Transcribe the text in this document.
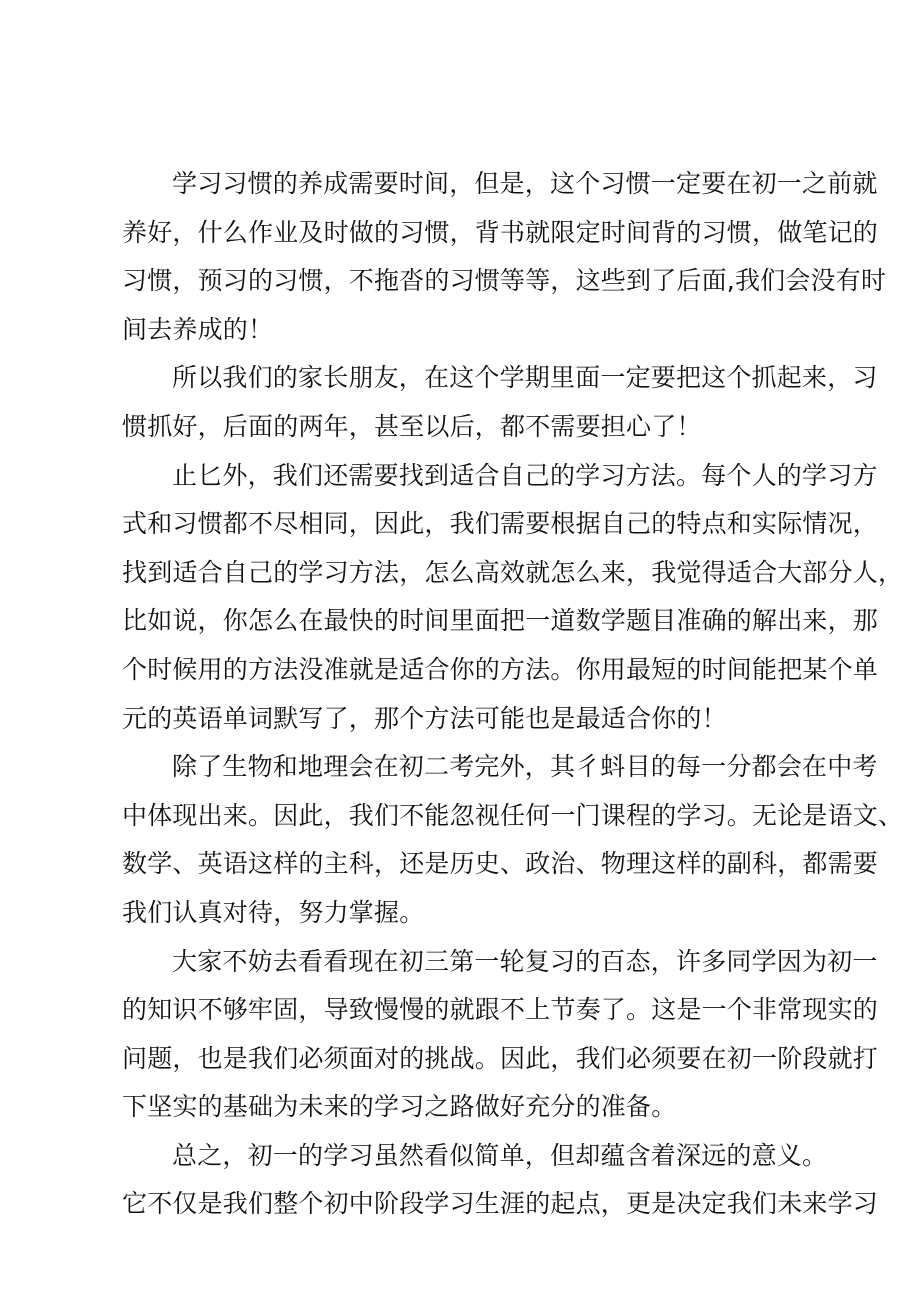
学习习惯的养成需要时间，但是，这个习惯一定要在初一之前就
养好，什么作业及时做的习惯，背书就限定时间背的习惯，做笔记的
习惯，预习的习惯，不拖沓的习惯等等，这些到了后面,我们会没有时
间去养成的！
所以我们的家长朋友，在这个学期里面一定要把这个抓起来，习
惯抓好，后面的两年，甚至以后，都不需要担心了！
止匕外，我们还需要找到适合自己的学习方法。每个人的学习方
式和习惯都不尽相同，因此，我们需要根据自己的特点和实际情况，
找到适合自己的学习方法，怎么高效就怎么来，我觉得适合大部分人，
比如说，你怎么在最快的时间里面把一道数学题目准确的解出来，那
个时候用的方法没准就是适合你的方法。你用最短的时间能把某个单
元的英语单词默写了，那个方法可能也是最适合你的！
除了生物和地理会在初二考完外，其彳蚪目的每一分都会在中考
中体现出来。因此，我们不能忽视任何一门课程的学习。无论是语文、
数学、英语这样的主科，还是历史、政治、物理这样的副科，都需要
我们认真对待，努力掌握。
大家不妨去看看现在初三第一轮复习的百态，许多同学因为初一
的知识不够牢固，导致慢慢的就跟不上节奏了。这是一个非常现实的
问题，也是我们必须面对的挑战。因此，我们必须要在初一阶段就打
下坚实的基础为未来的学习之路做好充分的准备。
总之，初一的学习虽然看似简单，但却蕴含着深远的意义。
它不仅是我们整个初中阶段学习生涯的起点，更是决定我们未来学习
